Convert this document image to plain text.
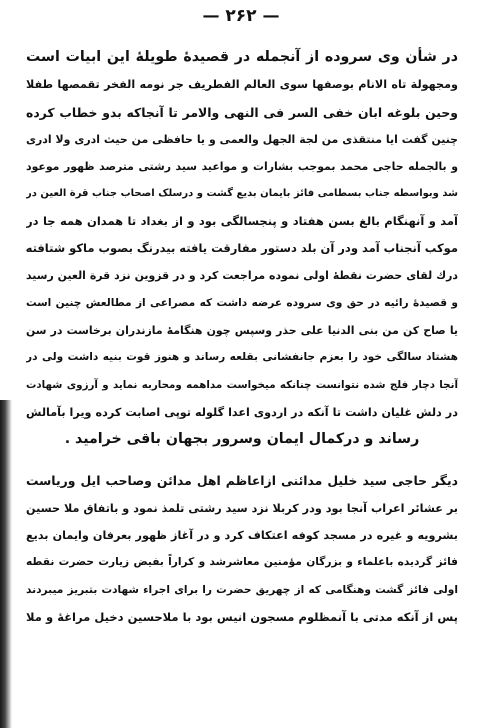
— ۲۶۲ —
در شأن وی سروده از آنجمله در قصیدهٔ طویلهٔ این ابیات است
ومجهولة تاه الانام بوصفها سوی العالم الفطریف جر نومه الفخر تقمصها طفلا
وحین بلوغه ابان خفی السر فی النهی والامر تا آنجاکه بدو خطاب کرده
چنین گفت ایا منتقذی من لجة الجهل والعمی و یا حافظی من حیث ادری ولا ادری
و بالجمله حاجی محمد بموجب بشارات و مواعید سید رشتی مترصد ظهور موعود
شد وبواسطه جناب بسطامی فائز بایمان بدیع گشت و درسلک اصحاب جناب قرة العین در
آمد و آنهنگام بالغ بسن هفتاد و پنجسالگی بود و از بغداد تا همدان همه جا در
موکب آنجناب آمد ودر آن بلد دستور مفارقت یافته بیدرنگ بصوب ماکو شتافته
درك لقای حضرت نقطهٔ اولی نموده مراجعت کرد و در قزوین نزد قرة العین رسید
و قصیدهٔ رائیه در حق وی سروده عرضه داشت که مصراعی از مطالعش چنین است
یا صاح کن من بنی الدنیا علی حذر وسپس چون هنگامهٔ مازندران برخاست در سن
هشتاد سالگی خود را بعزم جانفشانی بقلعه رساند و هنوز قوت بنیه داشت ولی در
آنجا دچار فلج شده نتوانست چنانکه میخواست مداهمه ومحاربه نماید و آرزوی شهادت
در دلش غلیان داشت تا آنکه در اردوی اعدا گلوله توپی اصابت کرده ویرا بآمالش
رساند و درکمال ایمان وسرور بجهان باقی خرامید .
دیگر حاجی سید خلیل مدائنی ازاعاظم اهل مدائن وصاحب ایل وریاست
بر عشائر اعراب آنجا بود ودر کربلا نزد سید رشتی تلمذ نمود و باتفاق ملا حسین
بشرویه و غیره در مسجد کوفه اعتکاف کرد و در آغاز ظهور بعرفان وایمان بدیع
فائز گردیده باعلماء و بزرگان مؤمنین معاشرشد و کراراً بفیض زیارت حضرت نقطه
اولی فائز گشت وهنگامی که از چهریق حضرت را برای اجراء شهادت بتبریز میبردند
پس از آنکه مدتی با آنمظلوم مسجون انیس بود با ملاحسین دخیل مراغهٔ و ملا
